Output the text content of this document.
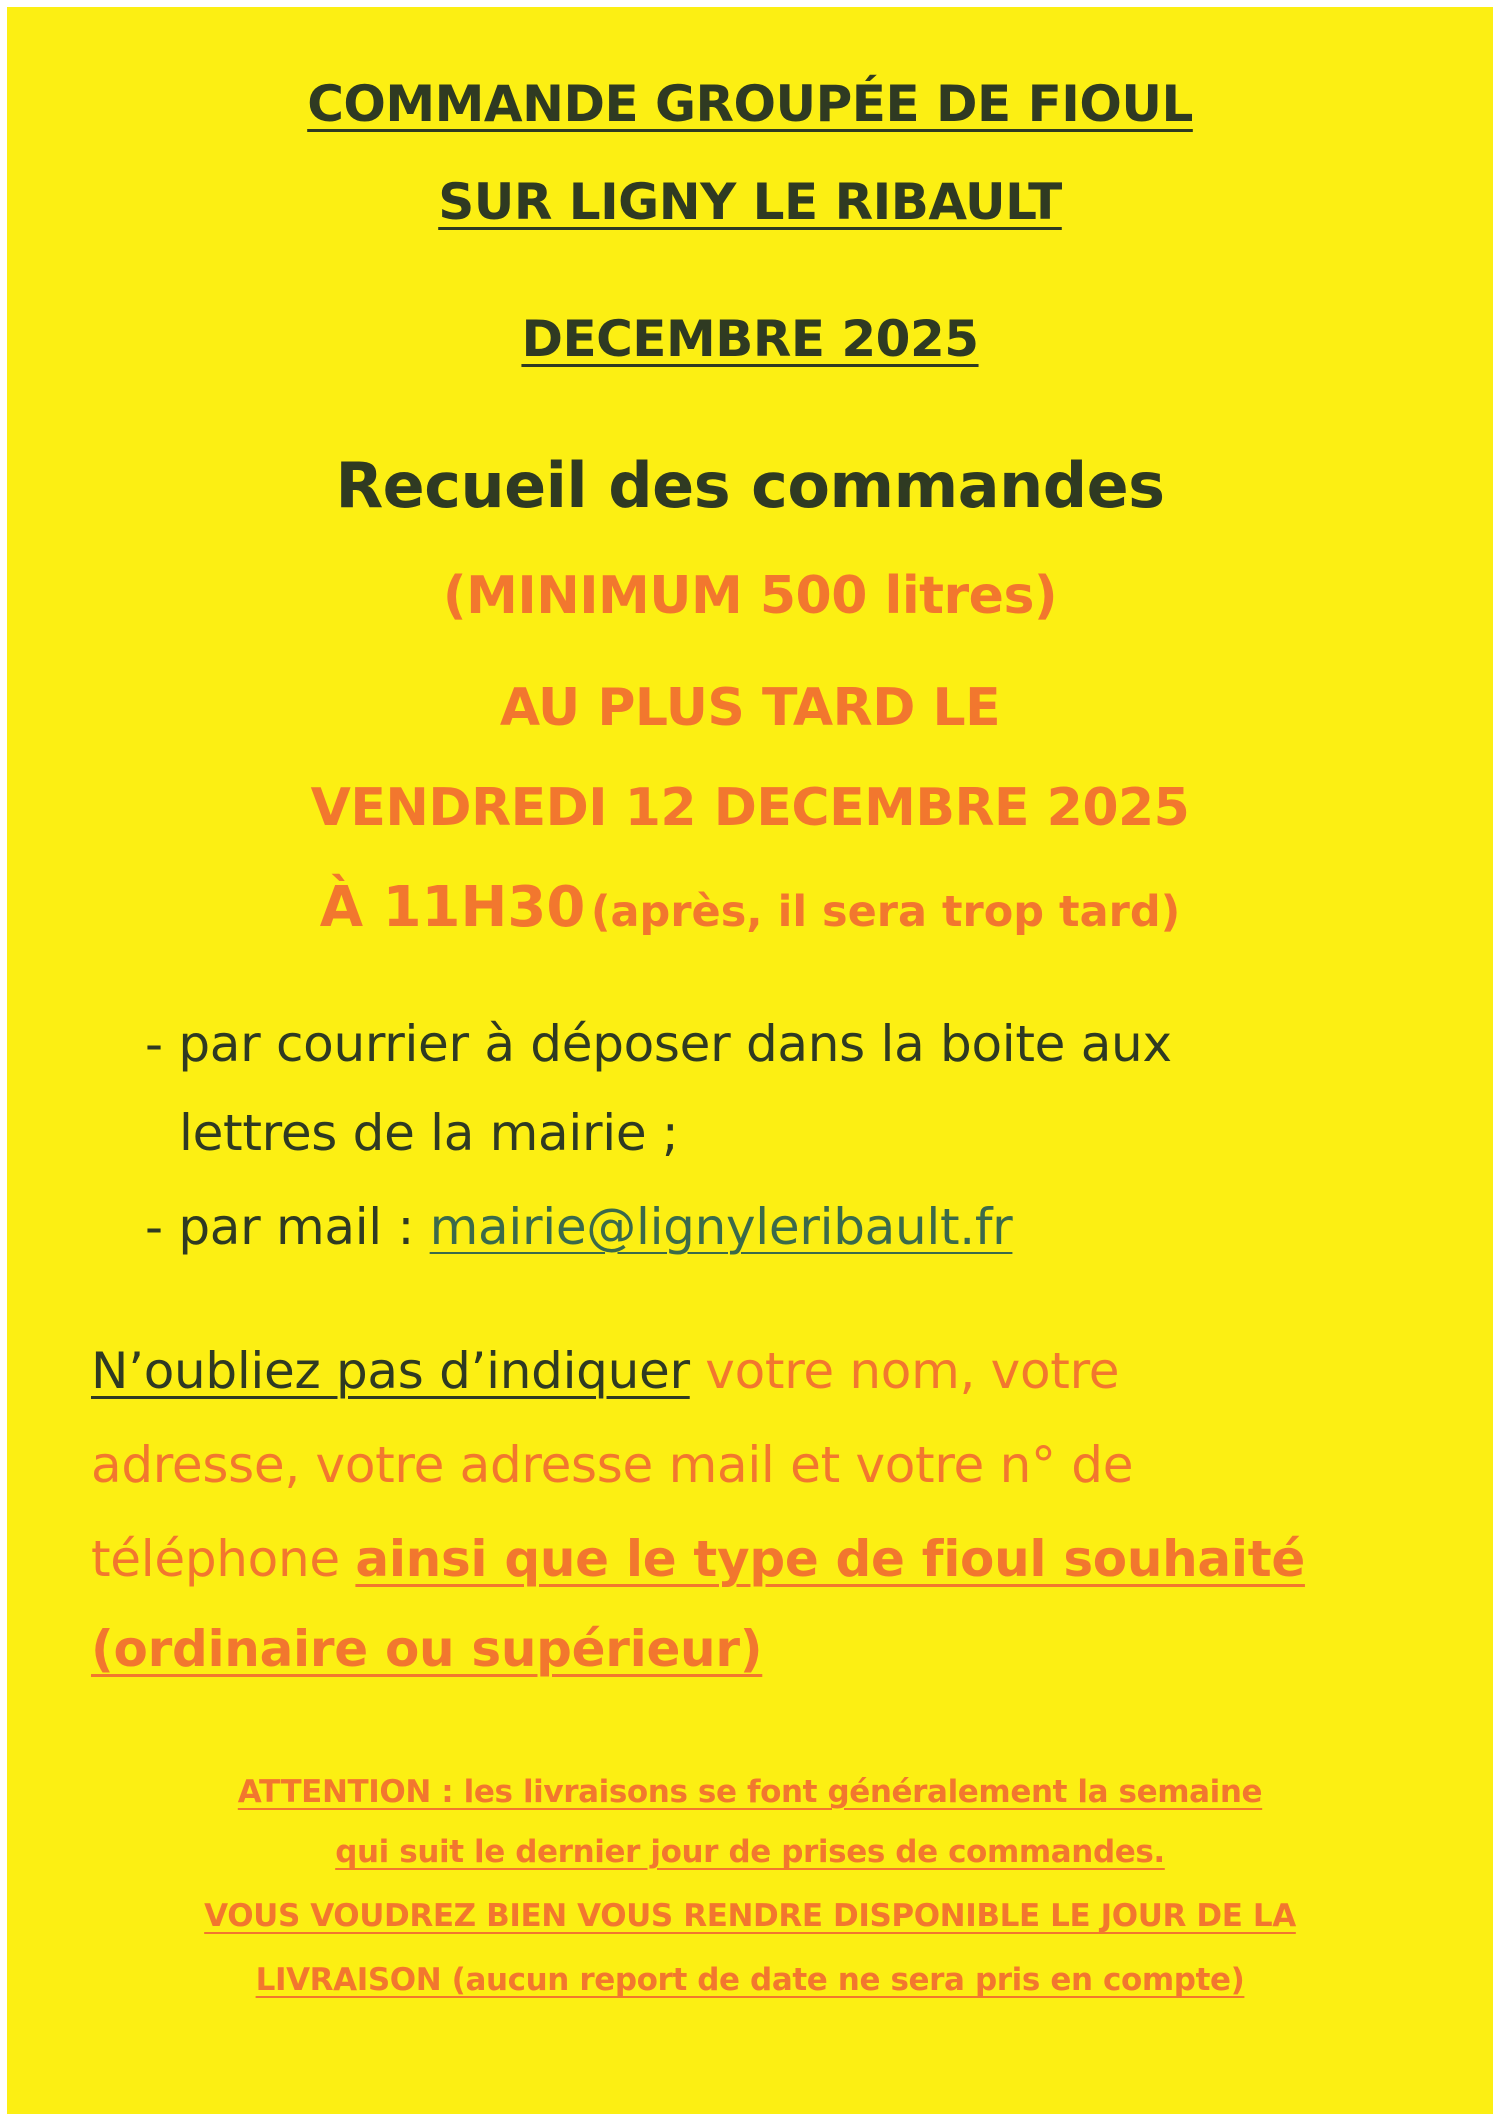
COMMANDE GROUPÉE DE FIOUL
SUR LIGNY LE RIBAULT
DECEMBRE 2025
Recueil des commandes
(MINIMUM 500 litres)
AU PLUS TARD LE
VENDREDI 12 DECEMBRE 2025
À 11H30 (après, il sera trop tard)
- par courrier à déposer dans la boite aux
lettres de la mairie ;
- par mail : mairie@lignyleribault.fr
N’oubliez pas d’indiquer votre nom, votre
adresse, votre adresse mail et votre n° de
téléphone ainsi que le type de fioul souhaité
(ordinaire ou supérieur)
ATTENTION : les livraisons se font généralement la semaine
qui suit le dernier jour de prises de commandes.
VOUS VOUDREZ BIEN VOUS RENDRE DISPONIBLE LE JOUR DE LA
LIVRAISON (aucun report de date ne sera pris en compte)
